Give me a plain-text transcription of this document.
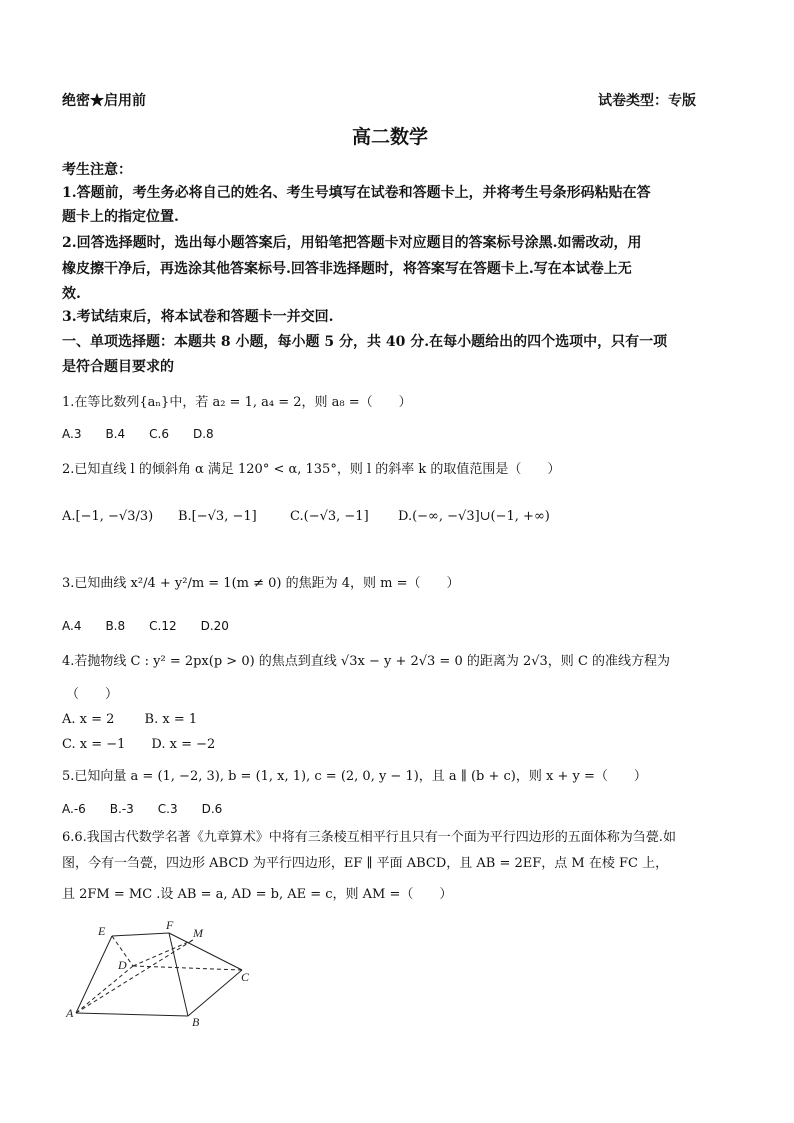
绝密★启用前	试卷类型：专版
高二数学
考生注意：
1.答题前，考生务必将自己的姓名、考生号填写在试卷和答题卡上，并将考生号条形码粘贴在答
题卡上的指定位置.
2.回答选择题时，选出每小题答案后，用铅笔把答题卡对应题目的答案标号涂黑.如需改动，用
橡皮擦干净后，再选涂其他答案标号.回答非选择题时，将答案写在答题卡上.写在本试卷上无
效.
3.考试结束后，将本试卷和答题卡一并交回.
一、单项选择题：本题共 8 小题，每小题 5 分，共 40 分.在每小题给出的四个选项中，只有一项
是符合题目要求的
1.在等比数列{aₙ}中，若 a₂ = 1, a₄ = 2，则 a₈ =（　　）
A.3　　B.4　　C.6　　D.8
2.已知直线 l 的倾斜角 α 满足 120° < α, 135°，则 l 的斜率 k 的取值范围是（　　）
A.[−1, −√3/3) B.[−√3, −1]	C.(−√3, −1] D.(−∞, −√3]∪(−1, +∞)
3.已知曲线 x²/4 + y²/m = 1(m ≠ 0) 的焦距为 4，则 m =（　　）
A.4　　B.8　　C.12　　D.20
4.若抛物线 C : y² = 2px(p > 0) 的焦点到直线 √3x − y + 2√3 = 0 的距离为 2√3，则 C 的准线方程为
（　　）
A. x = 2　　 B. x = 1
C. x = −1　　D. x = −2
5.已知向量 a = (1, −2, 3), b = (1, x, 1), c = (2, 0, y − 1)，且 a ∥ (b + c)，则 x + y =（　　）
A.-6　　B.-3　　C.3　　D.6
6.6.我国古代数学名著《九章算术》中将有三条棱互相平行且只有一个面为平行四边形的五面体称为刍甍.如
图，今有一刍甍，四边形 ABCD 为平行四边形，EF ∥ 平面 ABCD，且 AB = 2EF，点 M 在棱 FC 上，
且 2FM = MC .设 AB = a, AD = b, AE = c，则 AM =（　　）
E	F
M
D
C
A
B
